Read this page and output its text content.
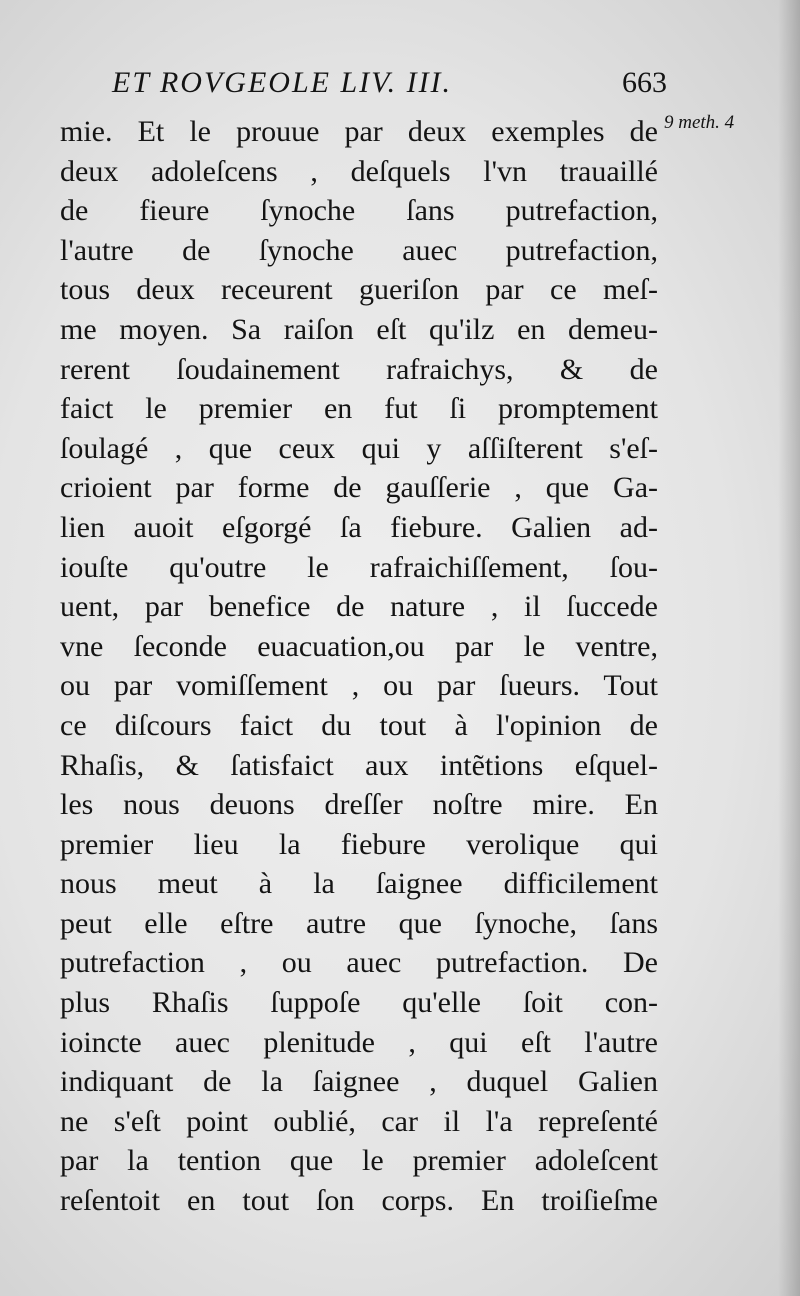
ET ROVGEOLE LIV. III.	663
9 meth. 4
mie. Et le prouue par deux exemples de
deux adoleſcens , deſquels l'vn trauaillé
de fieure ſynoche ſans putrefaction,
l'autre de ſynoche auec putrefaction,
tous deux receurent gueriſon par ce meſ-
me moyen. Sa raiſon eſt qu'ilz en demeu-
rerent ſoudainement rafraichys, & de
faict le premier en fut ſi promptement
ſoulagé , que ceux qui y aſſiſterent s'eſ-
crioient par forme de gauſſerie , que Ga-
lien auoit eſgorgé ſa fiebure. Galien ad-
iouſte qu'outre le rafraichiſſement, ſou-
uent, par benefice de nature , il ſuccede
vne ſeconde euacuation,ou par le ventre,
ou par vomiſſement , ou par ſueurs. Tout
ce diſcours faict du tout à l'opinion de
Rhaſis, & ſatisfaict aux intẽtions eſquel-
les nous deuons dreſſer noſtre mire. En
premier lieu la fiebure verolique qui
nous meut à la ſaignee difficilement
peut elle eſtre autre que ſynoche, ſans
putrefaction , ou auec putrefaction. De
plus Rhaſis ſuppoſe qu'elle ſoit con-
ioincte auec plenitude , qui eſt l'autre
indiquant de la ſaignee , duquel Galien
ne s'eſt point oublié, car il l'a repreſenté
par la tention que le premier adoleſcent
reſentoit en tout ſon corps. En troiſieſme
